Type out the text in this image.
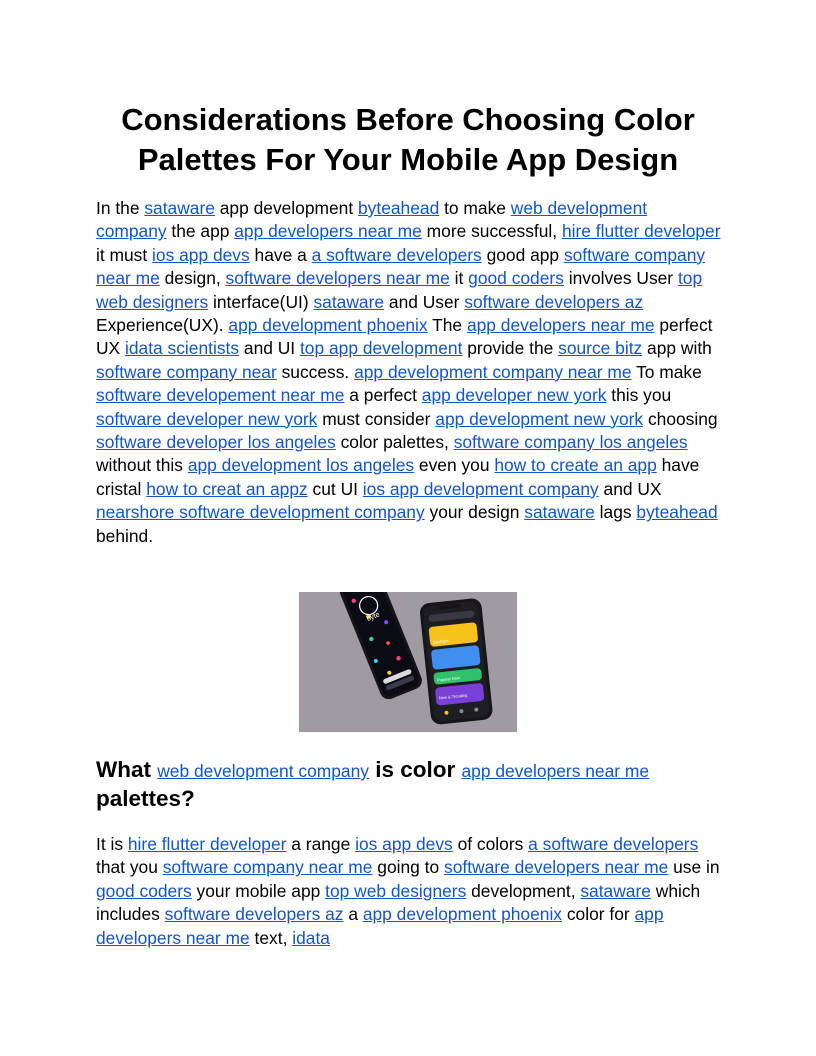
Considerations Before Choosing Color
Palettes For Your Mobile App Design

In the sataware app development byteahead to make web development company the app app developers near me more successful, hire flutter developer it must ios app devs have a a software developers good app software company near me design, software developers near me it good coders involves User top web designers interface(UI) sataware and User software developers az Experience(UX). app development phoenix The app developers near me perfect UX idata scientists and UI top app development provide the source bitz app with software company near success. app development company near me To make software developement near me a perfect app developer new york this you software developer new york must consider app development new york choosing software developer los angeles color palettes, software company los angeles without this app development los angeles even you how to create an app have cristal how to creat an appz cut UI ios app development company and UX nearshore software development company your design sataware lags byteahead behind.

byte
Spotlight
Popular Now
New & Trending
What web development company is color app developers near me palettes?

It is hire flutter developer a range ios app devs of colors a software developers that you software company near me going to software developers near me use in good coders your mobile app top web designers development, sataware which includes software developers az a app development phoenix color for app developers near me text, idata
